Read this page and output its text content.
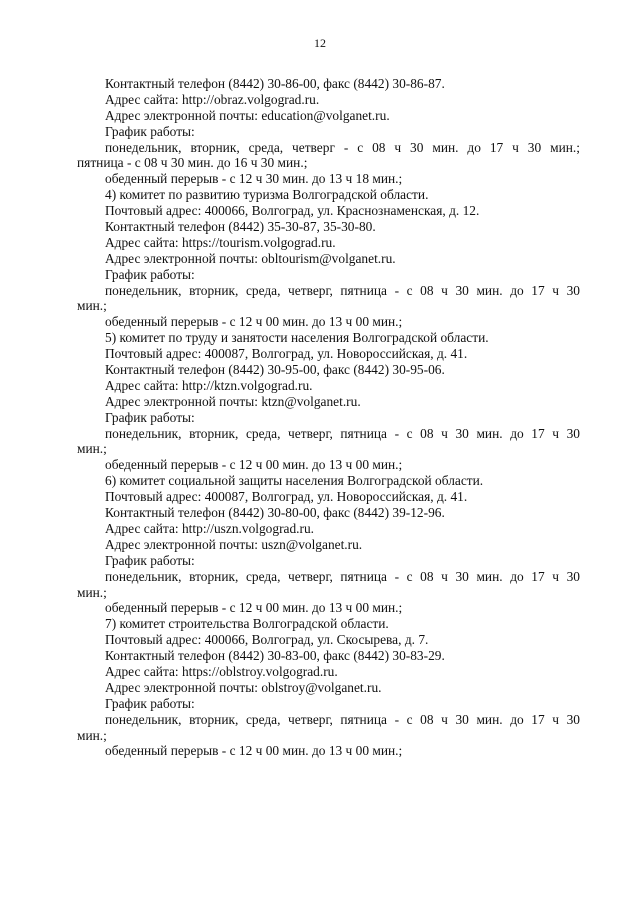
12
Контактный телефон (8442) 30-86-00, факс (8442) 30-86-87.
Адрес сайта: http://obraz.volgograd.ru.
Адрес электронной почты: education@volganet.ru.
График работы:
понедельник, вторник, среда, четверг - с 08 ч 30 мин. до 17 ч 30 мин.;
пятница - с 08 ч 30 мин. до 16 ч 30 мин.;
обеденный перерыв - с 12 ч 30 мин. до 13 ч 18 мин.;
4) комитет по развитию туризма Волгоградской области.
Почтовый адрес: 400066, Волгоград, ул. Краснознаменская, д. 12.
Контактный телефон (8442) 35-30-87, 35-30-80.
Адрес сайта: https://tourism.volgograd.ru.
Адрес электронной почты: obltourism@volganet.ru.
График работы:
понедельник, вторник, среда, четверг, пятница - с 08 ч 30 мин. до 17 ч 30
мин.;
обеденный перерыв - с 12 ч 00 мин. до 13 ч 00 мин.;
5) комитет по труду и занятости населения Волгоградской области.
Почтовый адрес: 400087, Волгоград, ул. Новороссийская, д. 41.
Контактный телефон (8442) 30-95-00, факс (8442) 30-95-06.
Адрес сайта: http://ktzn.volgograd.ru.
Адрес электронной почты: ktzn@volganet.ru.
График работы:
понедельник, вторник, среда, четверг, пятница - с 08 ч 30 мин. до 17 ч 30
мин.;
обеденный перерыв - с 12 ч 00 мин. до 13 ч 00 мин.;
6) комитет социальной защиты населения Волгоградской области.
Почтовый адрес: 400087, Волгоград, ул. Новороссийская, д. 41.
Контактный телефон (8442) 30-80-00, факс (8442) 39-12-96.
Адрес сайта: http://uszn.volgograd.ru.
Адрес электронной почты: uszn@volganet.ru.
График работы:
понедельник, вторник, среда, четверг, пятница - с 08 ч 30 мин. до 17 ч 30
мин.;
обеденный перерыв - с 12 ч 00 мин. до 13 ч 00 мин.;
7) комитет строительства Волгоградской области.
Почтовый адрес: 400066, Волгоград, ул. Скосырева, д. 7.
Контактный телефон (8442) 30-83-00, факс (8442) 30-83-29.
Адрес сайта: https://oblstroy.volgograd.ru.
Адрес электронной почты: oblstroy@volganet.ru.
График работы:
понедельник, вторник, среда, четверг, пятница - с 08 ч 30 мин. до 17 ч 30
мин.;
обеденный перерыв - с 12 ч 00 мин. до 13 ч 00 мин.;
